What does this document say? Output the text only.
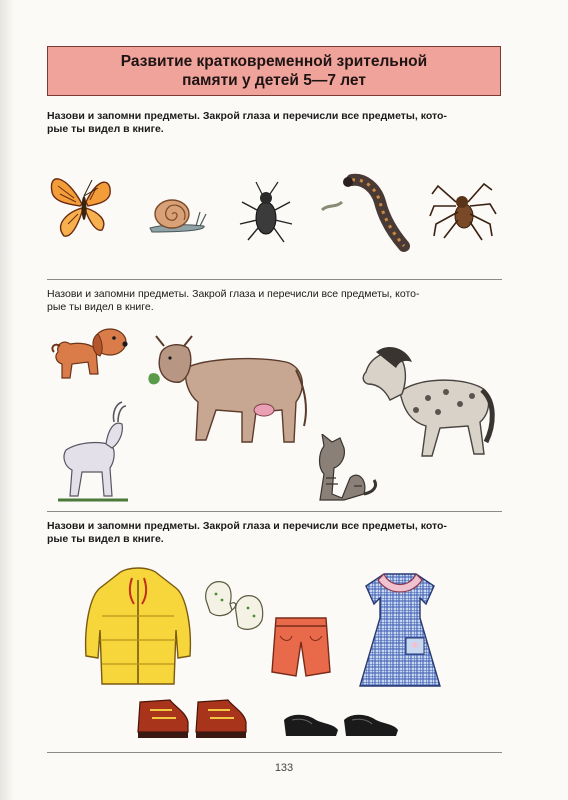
Развитие кратковременной зрительной
памяти у детей 5—7 лет
Назови и запомни предметы. Закрой глаза и перечисли все предметы, кото-
рые ты видел в книге.
Назови и запомни предметы. Закрой глаза и перечисли все предметы, кото-
рые ты видел в книге.
Назови и запомни предметы. Закрой глаза и перечисли все предметы, кото-
рые ты видел в книге.
133
